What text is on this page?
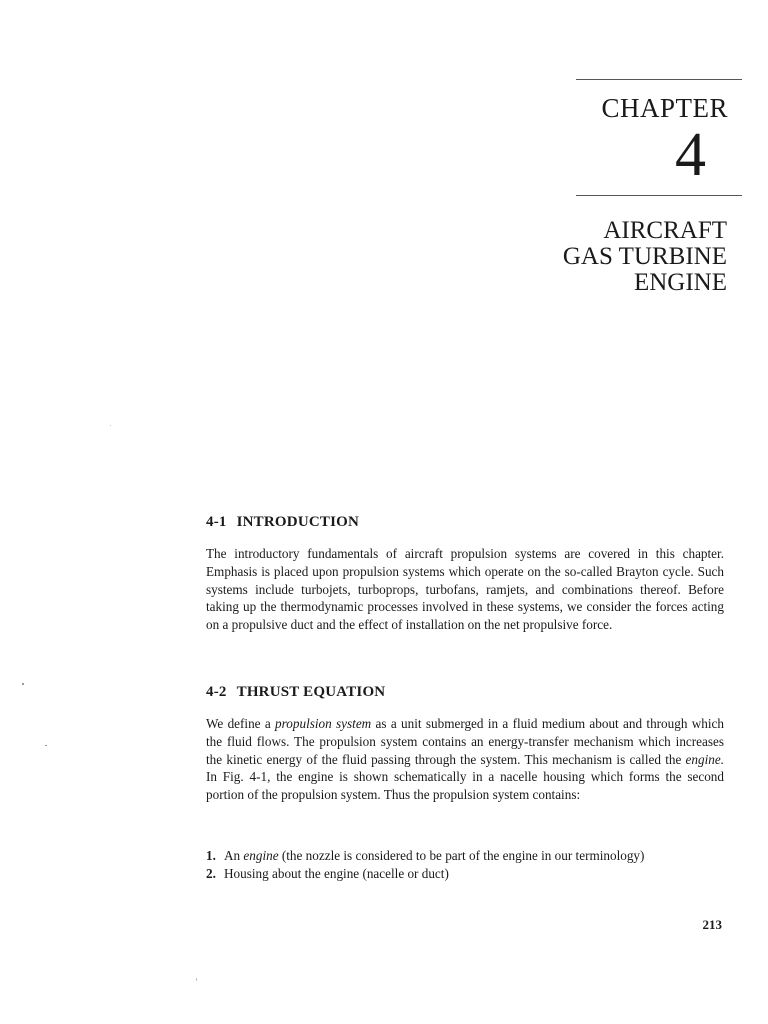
CHAPTER
4
AIRCRAFT
GAS TURBINE
ENGINE
4-1 INTRODUCTION
The introductory fundamentals of aircraft propulsion systems are covered in this chapter. Emphasis is placed upon propulsion systems which operate on the so-called Brayton cycle. Such systems include turbojets, turboprops, turbofans, ramjets, and combinations thereof. Before taking up the thermodynamic processes involved in these systems, we consider the forces acting on a propulsive duct and the effect of installation on the net propulsive force.
4-2 THRUST EQUATION
We define a propulsion system as a unit submerged in a fluid medium about and through which the fluid flows. The propulsion system contains an energy-transfer mechanism which increases the kinetic energy of the fluid passing through the system. This mechanism is called the engine. In Fig. 4-1, the engine is shown schematically in a nacelle housing which forms the second portion of the propulsion system. Thus the propulsion system contains:
1. An engine (the nozzle is considered to be part of the engine in our terminology)
2. Housing about the engine (nacelle or duct)
213
